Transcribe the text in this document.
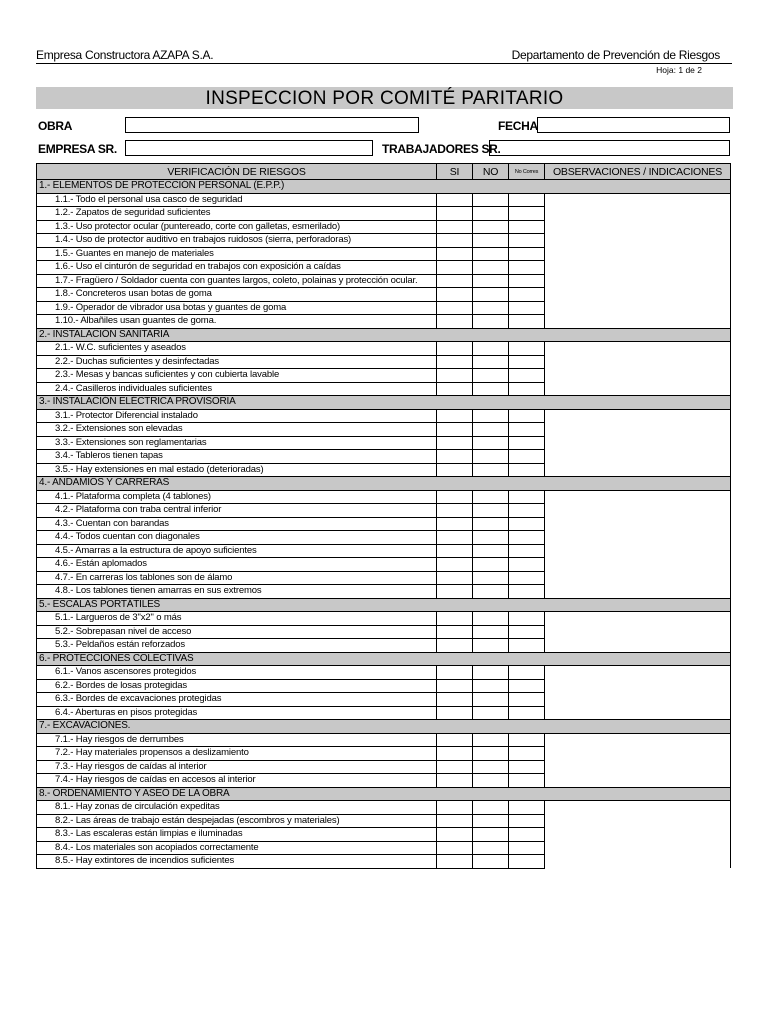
Empresa Constructora AZAPA S.A.	Departamento de Prevención de Riesgos
Hoja: 1 de 2
INSPECCION POR COMITÉ PARITARIO
OBRA	FECHA
EMPRESA SR.	TRABAJADORES SR.
VERIFICACIÓN DE RIESGOS	SI	NO	No Corres	OBSERVACIONES / INDICACIONES
1.- ELEMENTOS DE PROTECCIÓN PERSONAL (E.P.P.)				
1.1.- Todo el personal usa casco de seguridad				
1.2.- Zapatos de seguridad suficientes				
1.3.- Uso protector ocular (puntereado, corte con galletas, esmerilado)				
1.4.- Uso de protector auditivo en trabajos ruidosos (sierra, perforadoras)				
1.5.- Guantes en manejo de materiales				
1.6.- Uso el cinturón de seguridad en trabajos con exposición a caídas				
1.7.- Fragüero / Soldador cuenta con guantes largos, coleto, polainas y protección ocular.				
1.8.- Concreteros usan botas de goma				
1.9.- Operador de vibrador usa botas y guantes de goma				
1.10.- Albañiles usan guantes de goma.				
2.- INSTALACIÓN SANITARIA				
2.1.- W.C. suficientes y aseados				
2.2.- Duchas suficientes y desinfectadas				
2.3.- Mesas y bancas suficientes y con cubierta lavable				
2.4.- Casilleros individuales suficientes				
3.- INSTALACIÓN ELÉCTRICA PROVISORIA				
3.1.- Protector Diferencial instalado				
3.2.- Extensiones son elevadas				
3.3.- Extensiones son reglamentarias				
3.4.- Tableros tienen tapas				
3.5.- Hay extensiones en mal estado (deterioradas)				
4.- ANDAMIOS Y CARRERAS				
4.1.- Plataforma completa (4 tablones)				
4.2.- Plataforma con traba central inferior				
4.3.- Cuentan con barandas				
4.4.- Todos cuentan con diagonales				
4.5.- Amarras a la estructura de apoyo suficientes				
4.6.- Están aplomados				
4.7.- En carreras los tablones son de álamo				
4.8.- Los tablones tienen amarras en sus extremos				
5.- ESCALAS PORTÁTILES				
5.1.- Largueros de 3"x2" o más				
5.2.- Sobrepasan nivel de acceso				
5.3.- Peldaños están reforzados				
6.- PROTECCIONES COLECTIVAS				
6.1.- Vanos ascensores protegidos				
6.2.- Bordes de losas protegidas				
6.3.- Bordes de excavaciones protegidas				
6.4.- Aberturas en pisos protegidas				
7.- EXCAVACIONES.				
7.1.- Hay riesgos de derrumbes				
7.2.- Hay materiales propensos a deslizamiento				
7.3.- Hay riesgos de caídas al interior				
7.4.- Hay riesgos de caídas en accesos al interior				
8.- ORDENAMIENTO Y ASEO DE LA OBRA				
8.1.- Hay zonas de circulación expeditas				
8.2.- Las áreas de trabajo están despejadas (escombros y materiales)				
8.3.- Las escaleras están limpias e iluminadas				
8.4.- Los materiales son acopiados correctamente				
8.5.- Hay extintores de incendios suficientes				
